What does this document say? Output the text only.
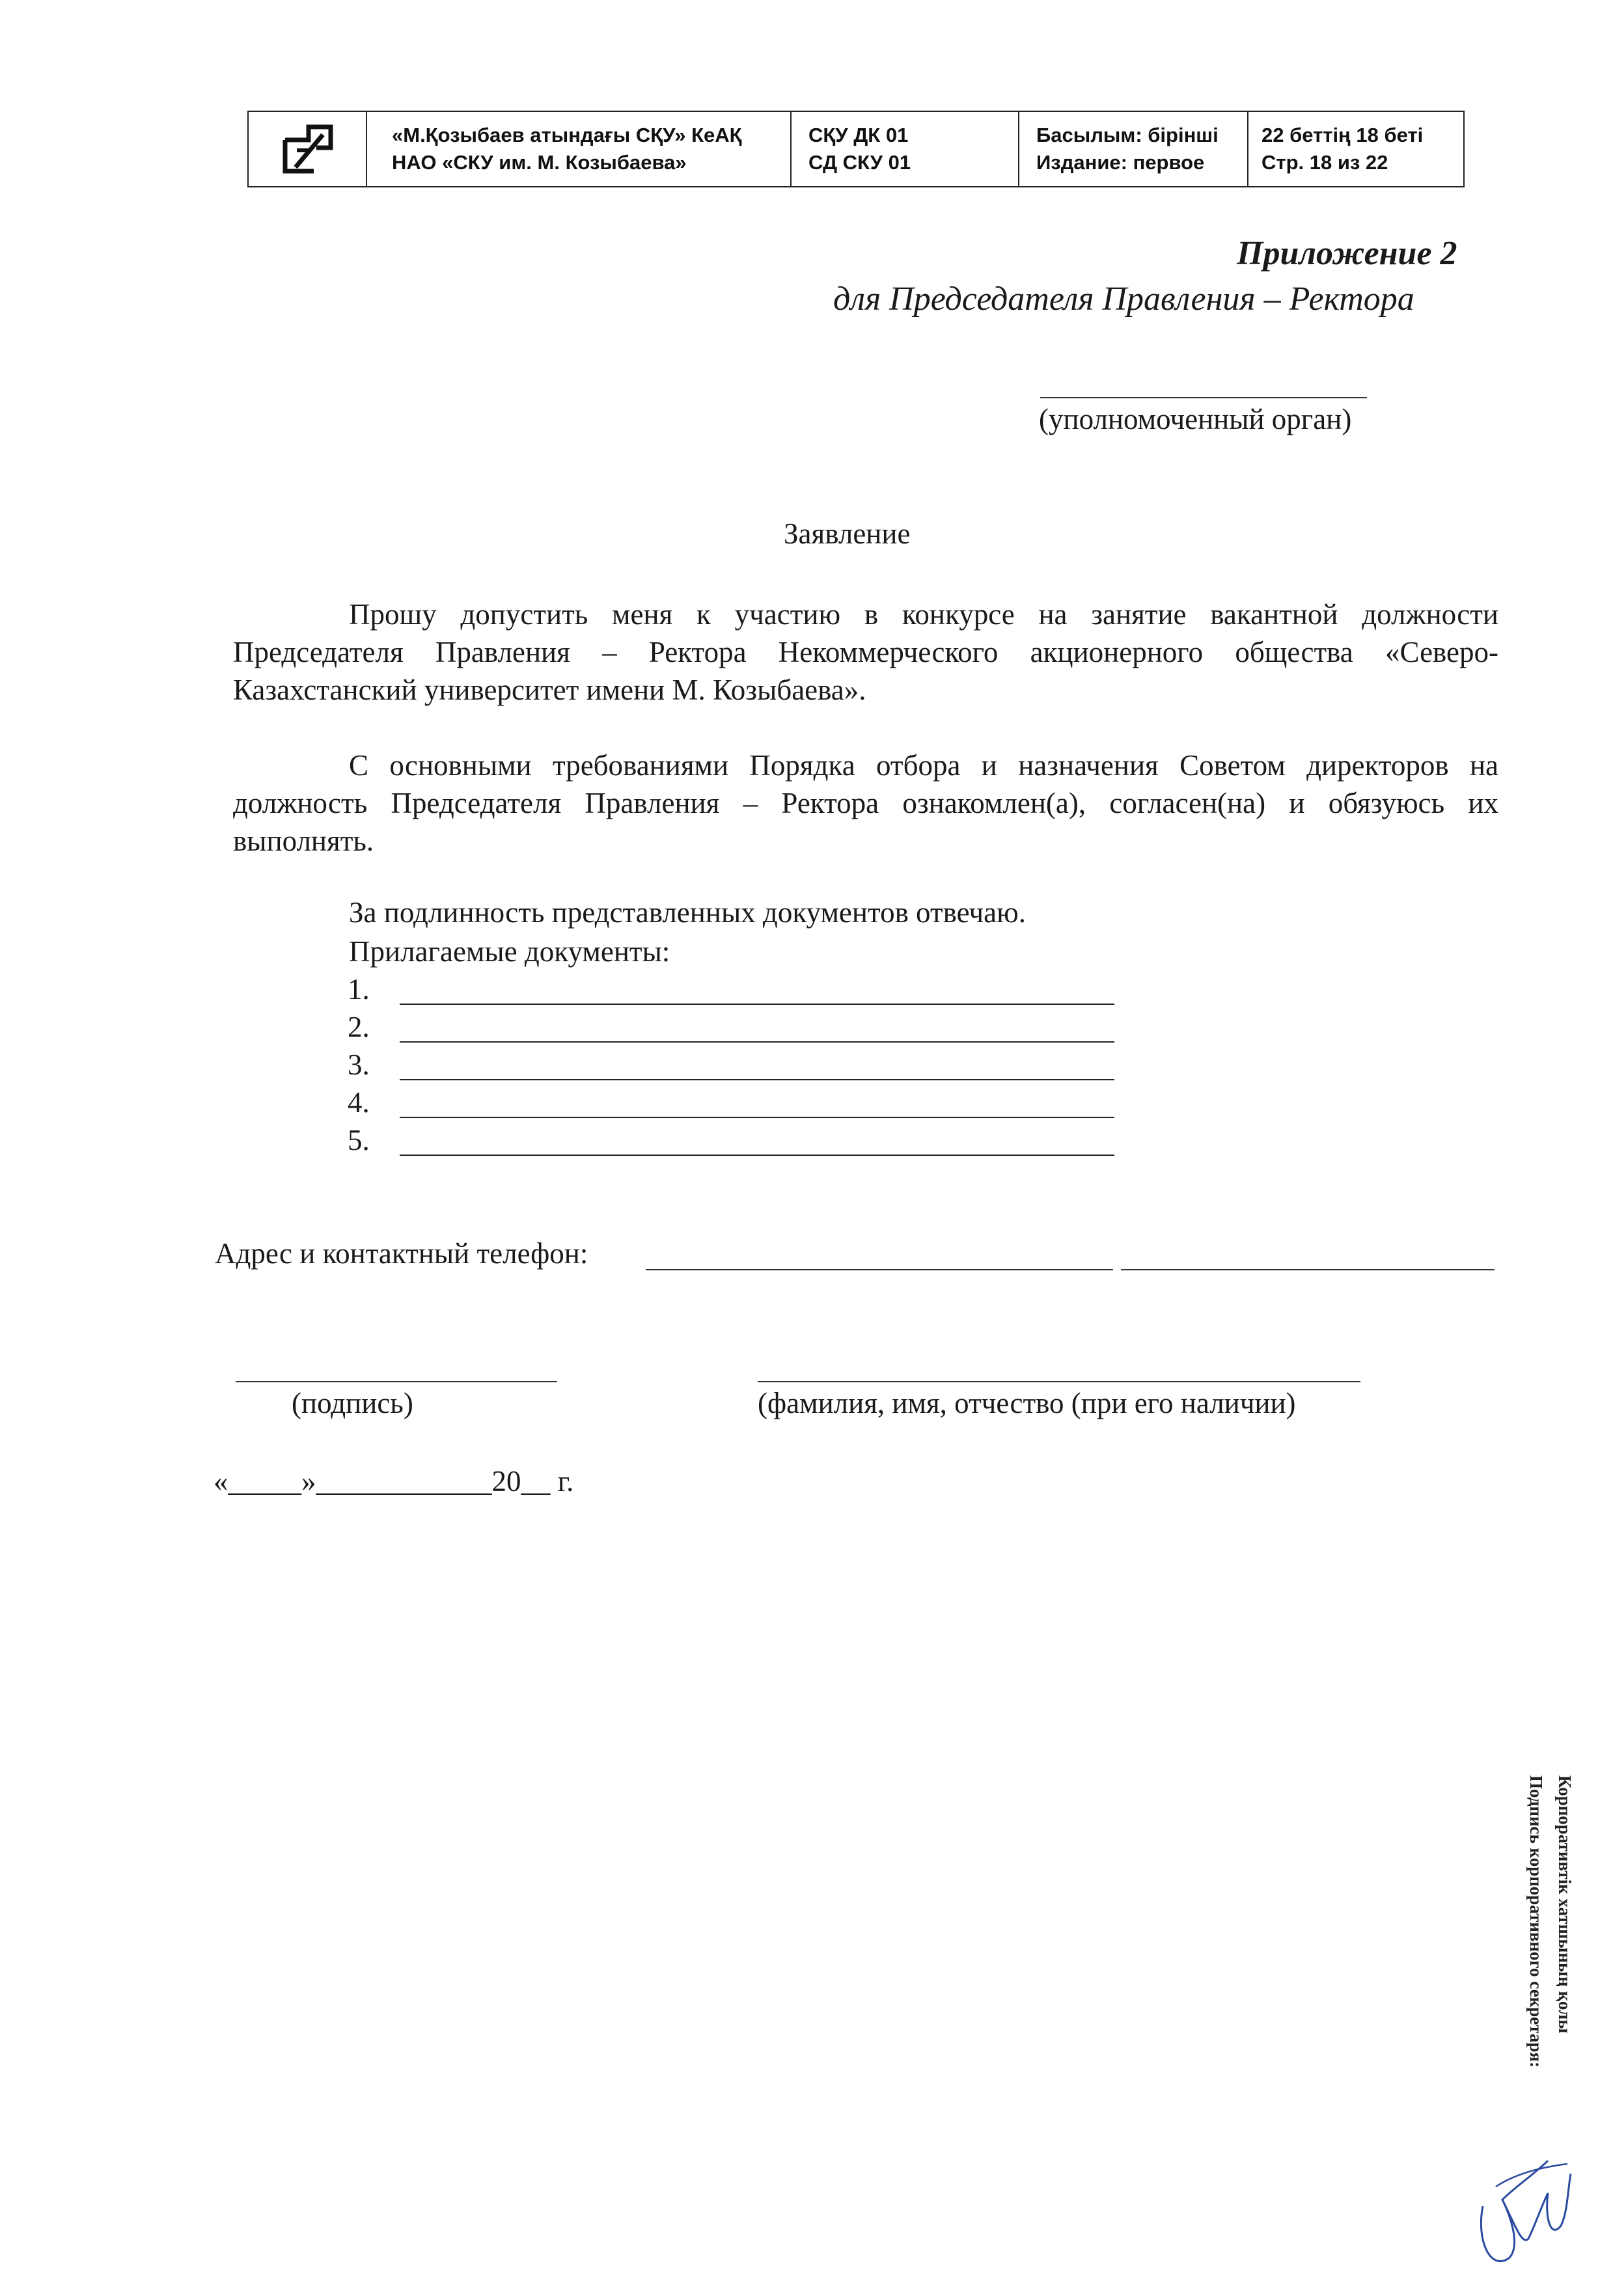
«М.Қозыбаев атындағы СҚУ» КеАҚ
НАО «СКУ им. М. Козыбаева»
СҚУ ДК 01
СД СКУ 01
Басылым: бірінші
Издание: первое
22 беттің 18 беті
Стр. 18 из 22
Приложение 2
для Председателя Правления – Ректора
(уполномоченный орган)
Заявление
Прошу допустить меня к участию в конкурсе на занятие вакантной должности Председателя Правления – Ректора Некоммерческого акционерного общества «Северо-Казахстанский университет имени М. Козыбаева».
С основными требованиями Порядка отбора и назначения Советом директоров на должность Председателя Правления – Ректора ознакомлен(а), согласен(на) и обязуюсь их выполнять.
За подлинность представленных документов отвечаю.
Прилагаемые документы:
1.
2.
3.
4.
5.
Адрес и контактный телефон:
(подпись)	(фамилия, имя, отчество (при его наличии)
«_____»____________20__ г.
Корпоративтік хатшының қолы
Подпись корпоративного секретаря:
